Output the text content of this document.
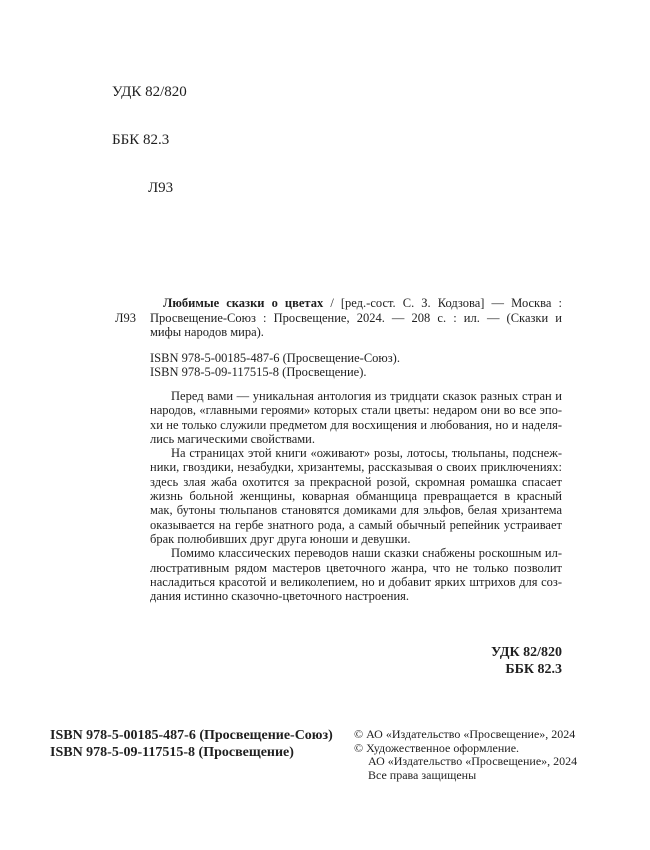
УДК 82/820

ББК 82.3

Л93

Л93
Любимые сказки о цветах / [ред.-сост. С. З. Кодзова] — Москва :
Просвещение-Союз : Просвещение, 2024. — 208 с. : ил. — (Сказки и
мифы народов мира).
ISBN 978-5-00185-487-6 (Просвещение-Союз).
ISBN 978-5-09-117515-8 (Просвещение).
Перед вами — уникальная антология из тридцати сказок разных стран и
народов, «главными героями» которых стали цветы: недаром они во все эпо-
хи не только служили предметом для восхищения и любования, но и наделя-
лись магическими свойствами.
На страницах этой книги «оживают» розы, лотосы, тюльпаны, подснеж-
ники, гвоздики, незабудки, хризантемы, рассказывая о своих приключениях:
здесь злая жаба охотится за прекрасной розой, скромная ромашка спасает
жизнь больной женщины, коварная обманщица превращается в красный
мак, бутоны тюльпанов становятся домиками для эльфов, белая хризантема
оказывается на гербе знатного рода, а самый обычный репейник устраивает
брак полюбивших друг друга юноши и девушки.
Помимо классических переводов наши сказки снабжены роскошным ил-
люстративным рядом мастеров цветочного жанра, что не только позволит
насладиться красотой и великолепием, но и добавит ярких штрихов для соз-
дания истинно сказочно-цветочного настроения.
УДК 82/820
ББК 82.3
ISBN 978-5-00185-487-6 (Просвещение-Союз)
ISBN 978-5-09-117515-8 (Просвещение)
© АО «Издательство «Просвещение», 2024
© Художественное оформление.
АО «Издательство «Просвещение», 2024
Все права защищены
